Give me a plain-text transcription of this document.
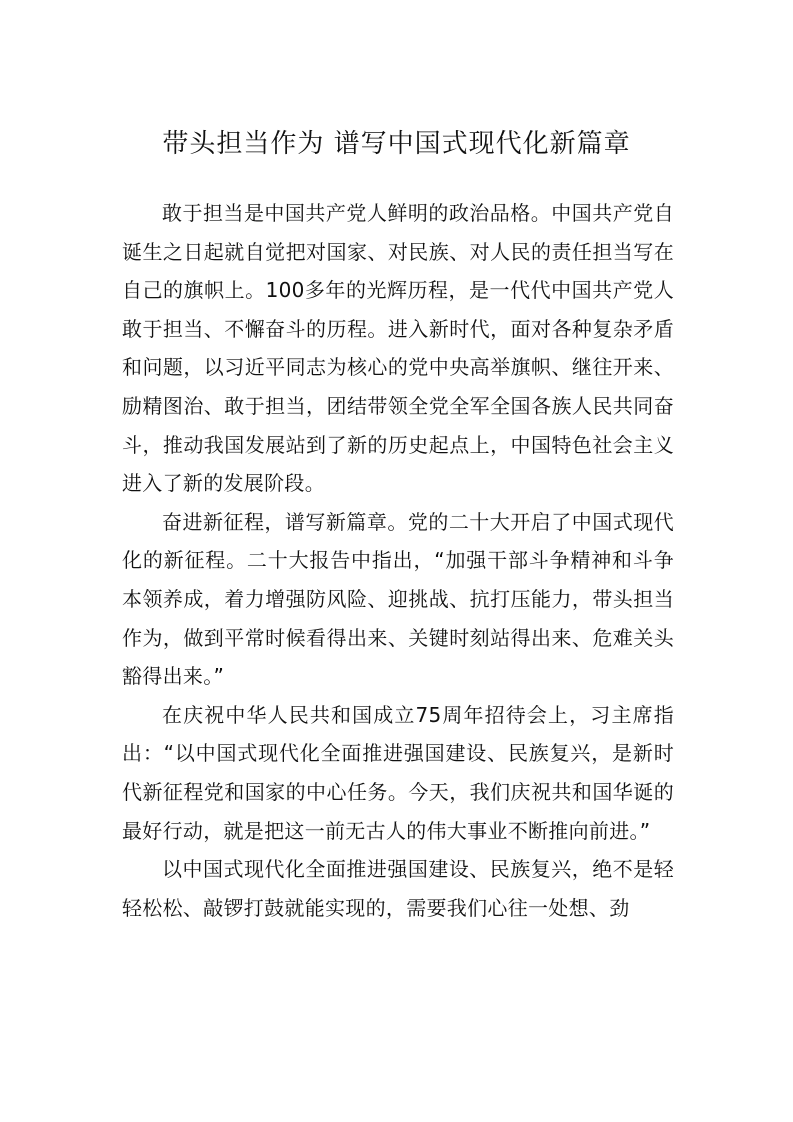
带头担当作为 谱写中国式现代化新篇章

敢于担当是中国共产党人鲜明的政治品格。中国共产党自诞生之日起就自觉把对国家、对民族、对人民的责任担当写在自己的旗帜上。100多年的光辉历程，是一代代中国共产党人敢于担当、不懈奋斗的历程。进入新时代，面对各种复杂矛盾和问题，以习近平同志为核心的党中央高举旗帜、继往开来、励精图治、敢于担当，团结带领全党全军全国各族人民共同奋斗，推动我国发展站到了新的历史起点上，中国特色社会主义进入了新的发展阶段。

奋进新征程，谱写新篇章。党的二十大开启了中国式现代化的新征程。二十大报告中指出，“加强干部斗争精神和斗争本领养成，着力增强防风险、迎挑战、抗打压能力，带头担当作为，做到平常时候看得出来、关键时刻站得出来、危难关头豁得出来。”

在庆祝中华人民共和国成立75周年招待会上，习主席指出：“以中国式现代化全面推进强国建设、民族复兴，是新时代新征程党和国家的中心任务。今天，我们庆祝共和国华诞的最好行动，就是把这一前无古人的伟大事业不断推向前进。”

以中国式现代化全面推进强国建设、民族复兴，绝不是轻轻松松、敲锣打鼓就能实现的，需要我们心往一处想、劲
